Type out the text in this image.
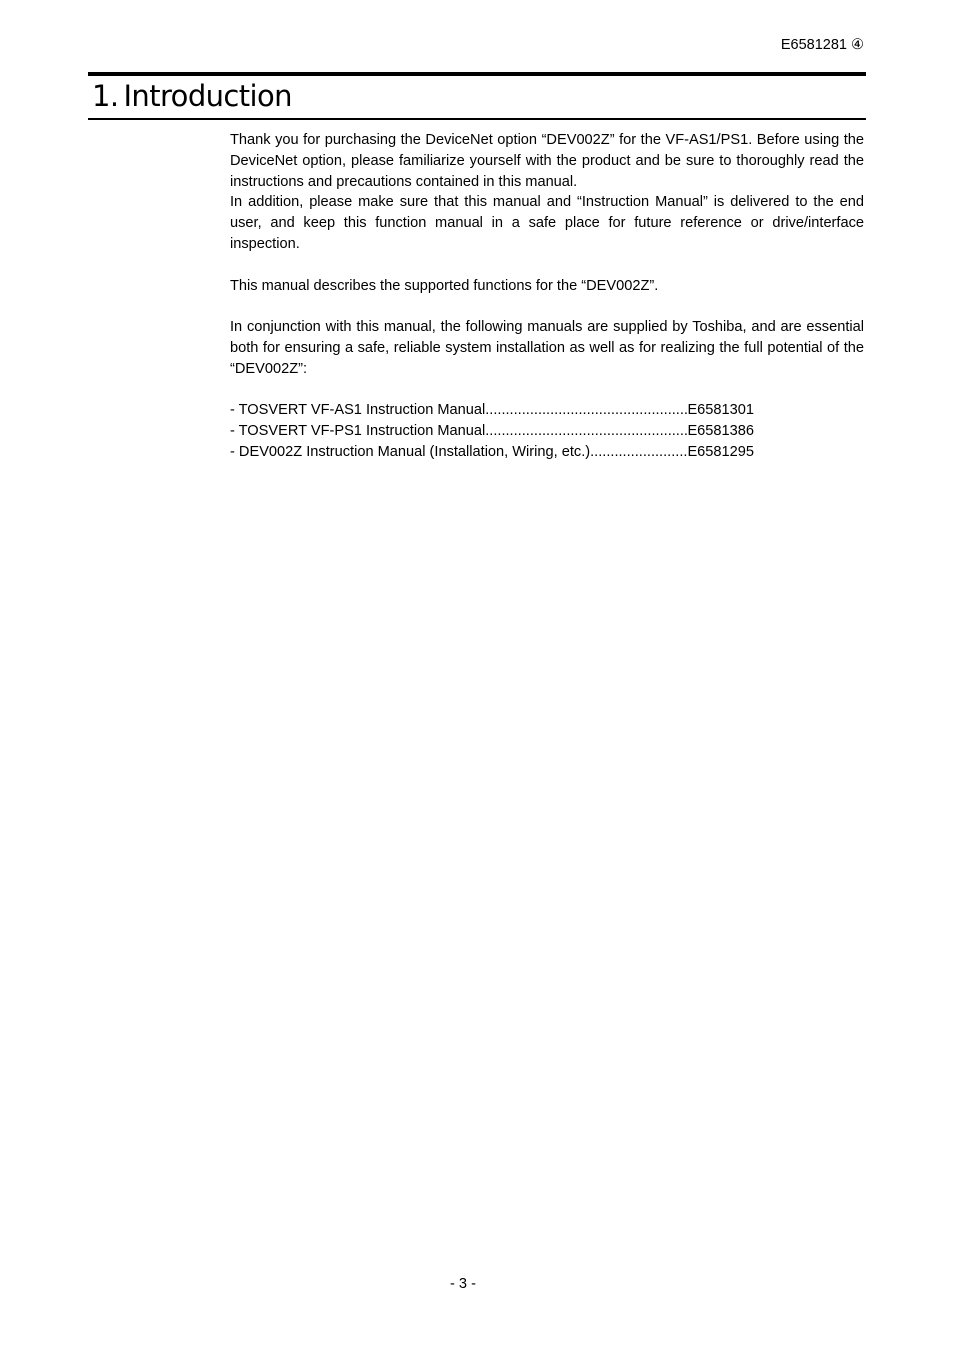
E6581281 ④
1. Introduction

Thank you for purchasing the DeviceNet option “DEV002Z” for the VF-AS1/PS1. Before using the DeviceNet option, please familiarize yourself with the product and be sure to thoroughly read the instructions and precautions contained in this manual.

In addition, please make sure that this manual and “Instruction Manual” is delivered to the end user, and keep this function manual in a safe place for future reference or drive/interface inspection.

This manual describes the supported functions for the “DEV002Z”.

In conjunction with this manual, the following manuals are supplied by Toshiba, and are essential both for ensuring a safe, reliable system installation as well as for realizing the full potential of the “DEV002Z”:

- TOSVERT VF-AS1 Instruction Manual .....	E6581301
- TOSVERT VF-PS1 Instruction Manual .....	E6581386
- DEV002Z Instruction Manual (Installation, Wiring, etc.) .....	E6581295
- 3 -
